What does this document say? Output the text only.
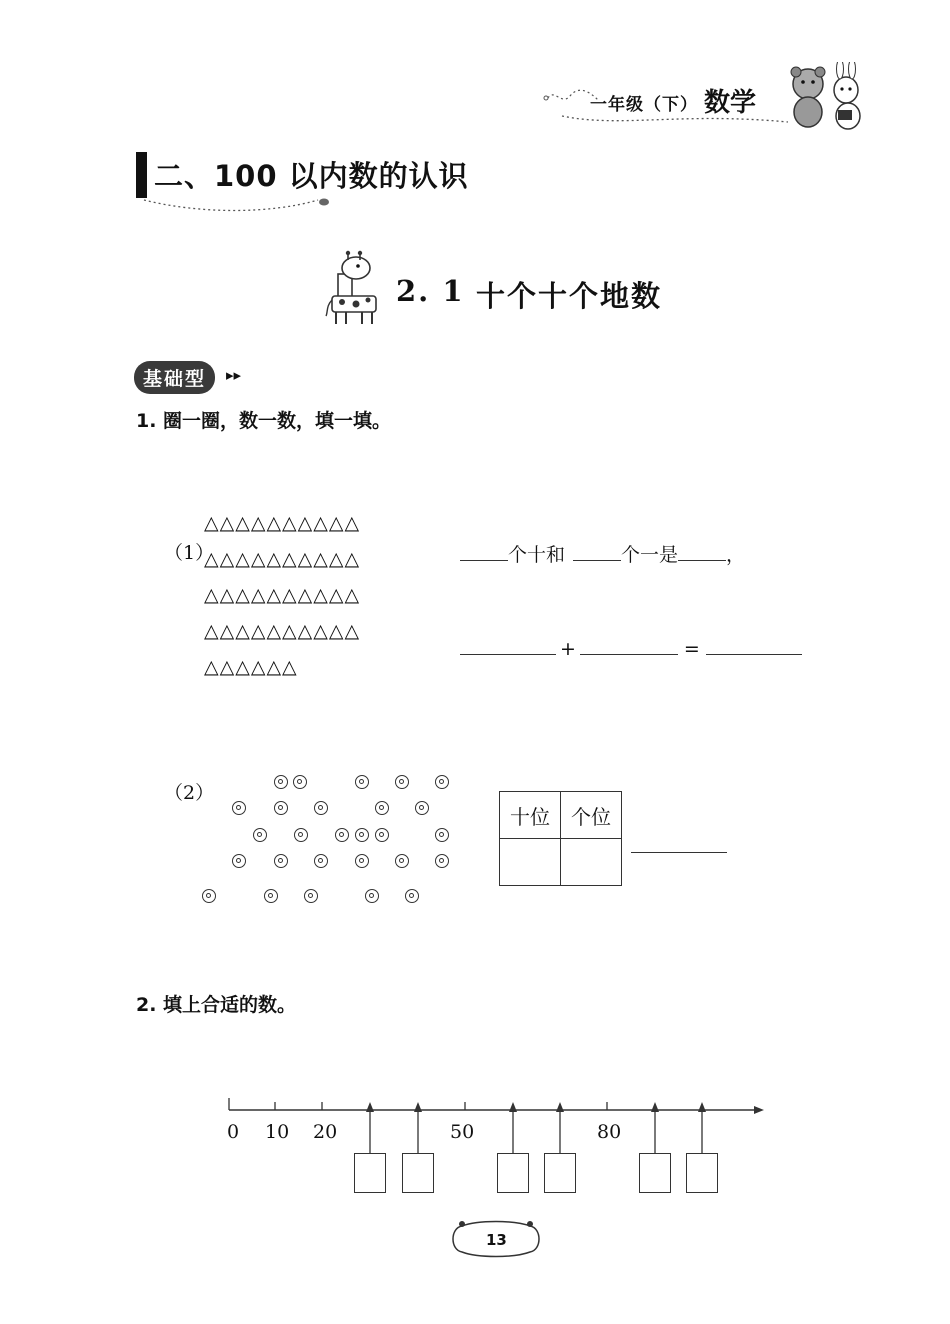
一年级（下） 数学
二、100 以内数的认识
2. 1 十个十个地数
基础型	▸▸
1. 圈一圈，数一数，填一填。
（1）
△△△△△△△△△△
△△△△△△△△△△
△△△△△△△△△△
△△△△△△△△△△
△△△△△△
个十和	个一是	，
+	=
（2）
十位	个位

2. 填上合适的数。
0 10 20	50	80
13
